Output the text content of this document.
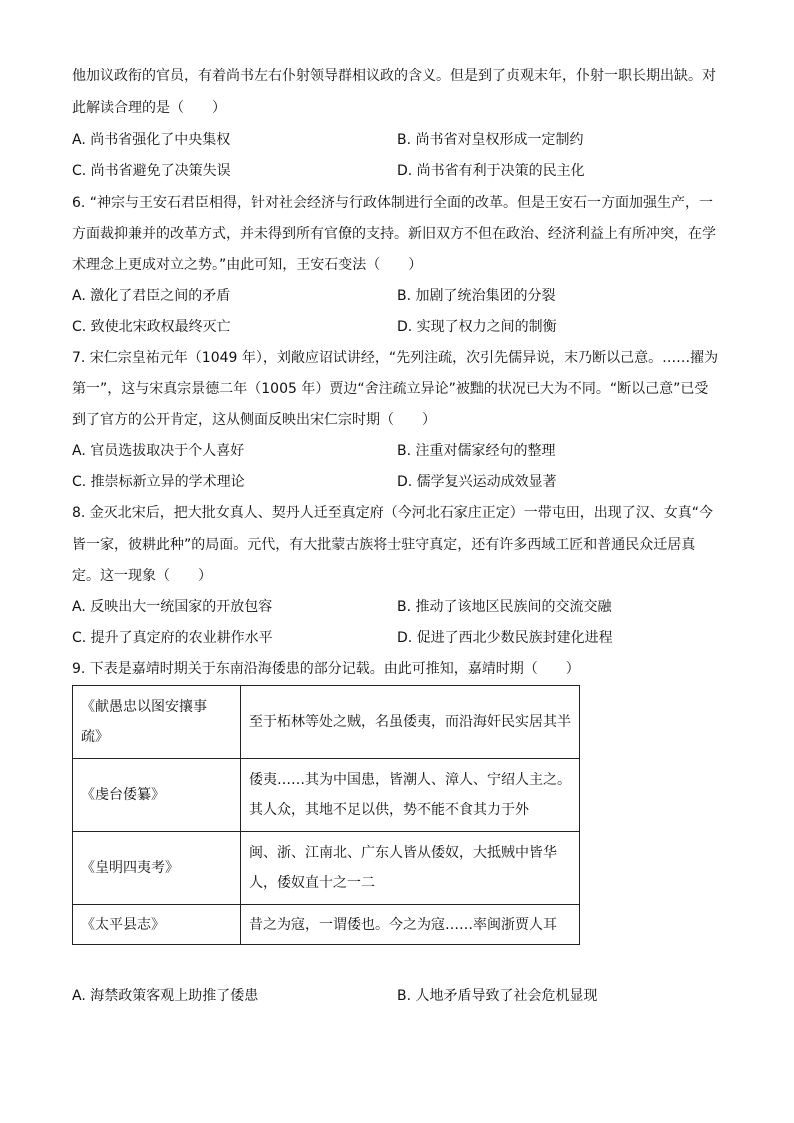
他加议政衔的官员，有着尚书左右仆射领导群相议政的含义。但是到了贞观末年，仆射一职长期出缺。对
此解读合理的是（　　）
A. 尚书省强化了中央集权	B. 尚书省对皇权形成一定制约
C. 尚书省避免了决策失误	D. 尚书省有利于决策的民主化
6. “神宗与王安石君臣相得，针对社会经济与行政体制进行全面的改革。但是王安石一方面加强生产，一
方面裁抑兼并的改革方式，并未得到所有官僚的支持。新旧双方不但在政治、经济利益上有所冲突，在学
术理念上更成对立之势。”由此可知，王安石变法（　　）
A. 激化了君臣之间的矛盾	B. 加剧了统治集团的分裂
C. 致使北宋政权最终灭亡	D. 实现了权力之间的制衡
7. 宋仁宗皇祐元年（1049 年），刘敞应诏试讲经，“先列注疏，次引先儒异说，末乃断以己意。……擢为
第一”，这与宋真宗景德二年（1005 年）贾边“舍注疏立异论”被黜的状况已大为不同。“断以己意”已受
到了官方的公开肯定，这从侧面反映出宋仁宗时期（　　）
A. 官员选拔取决于个人喜好	B. 注重对儒家经句的整理
C. 推崇标新立异的学术理论	D. 儒学复兴运动成效显著
8. 金灭北宋后，把大批女真人、契丹人迁至真定府（今河北石家庄正定）一带屯田，出现了汉、女真“今
皆一家，彼耕此种”的局面。元代，有大批蒙古族将士驻守真定，还有许多西域工匠和普通民众迁居真
定。这一现象（　　）
A. 反映出大一统国家的开放包容	B. 推动了该地区民族间的交流交融
C. 提升了真定府的农业耕作水平	D. 促进了西北少数民族封建化进程
9. 下表是嘉靖时期关于东南沿海倭患的部分记载。由此可推知，嘉靖时期（　　）
《献愚忠以图安攘事
疏》	至于柘林等处之贼，名虽倭夷，而沿海奸民实居其半

《虔台倭纂》	倭夷……其为中国患，皆潮人、漳人、宁绍人主之。
其人众，其地不足以供，势不能不食其力于外

《皇明四夷考》	闽、浙、江南北、广东人皆从倭奴，大抵贼中皆华
人，倭奴直十之一二

《太平县志》	昔之为寇，一谓倭也。今之为寇……率闽浙贾人耳
A. 海禁政策客观上助推了倭患	B. 人地矛盾导致了社会危机显现
